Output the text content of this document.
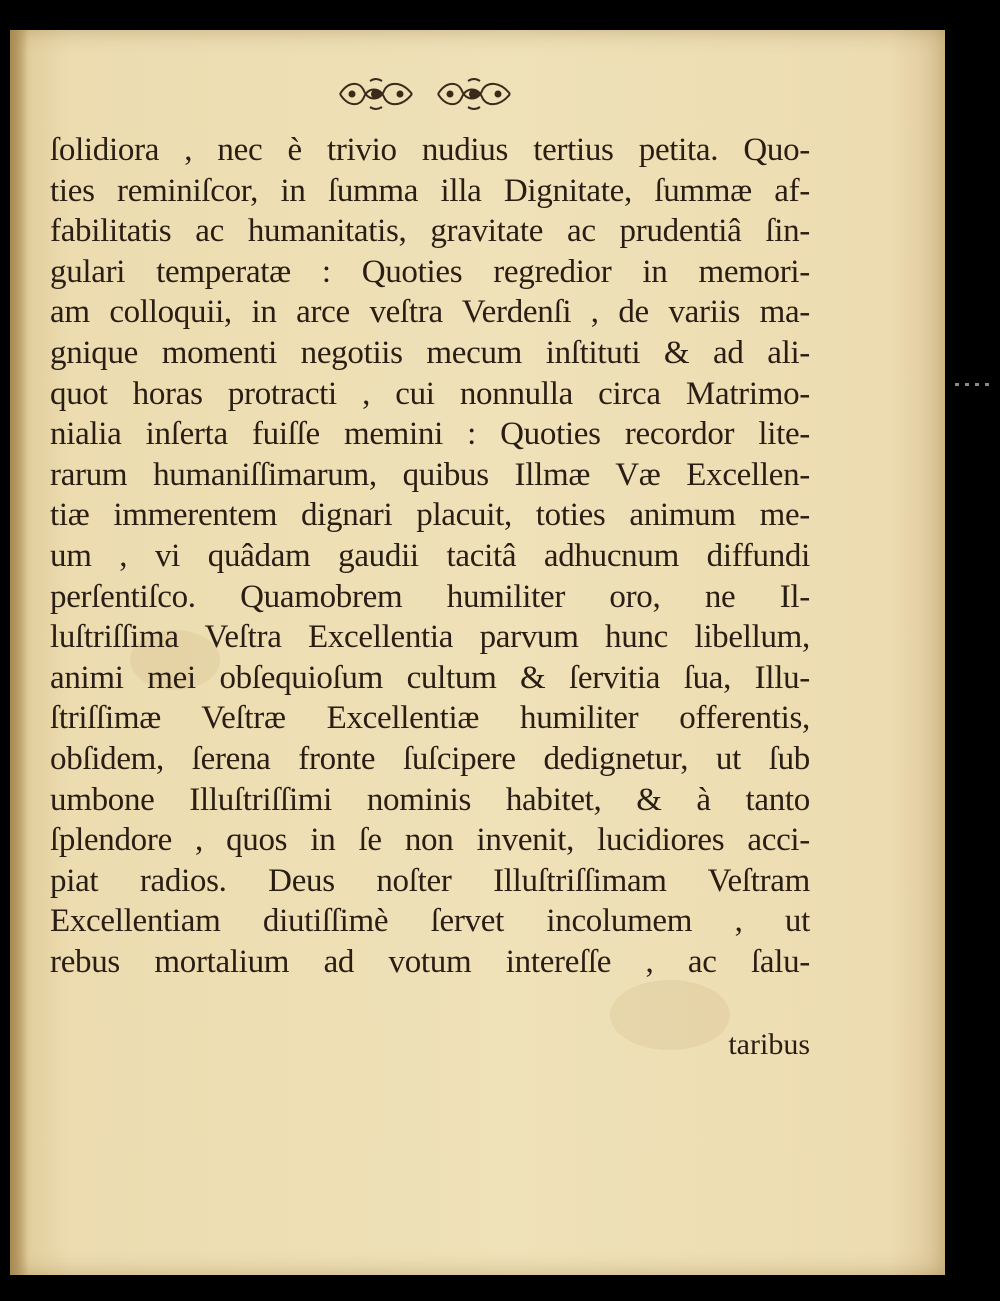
ſolidiora , nec è trivio nudius tertius petita. Quo-
ties reminiſcor, in ſumma illa Dignitate, ſummæ af-
fabilitatis ac humanitatis, gravitate ac prudentiâ ſin-
gulari temperatæ : Quoties regredior in memori-
am colloquii, in arce veſtra Verdenſi , de variis ma-
gnique momenti negotiis mecum inſtituti & ad ali-
quot horas protracti , cui nonnulla circa Matrimo-
nialia inſerta fuiſſe memini : Quoties recordor lite-
rarum humaniſſimarum, quibus Illmæ Væ Excellen-
tiæ immerentem dignari placuit, toties animum me-
um , vi quâdam gaudii tacitâ adhucnum diffundi
perſentiſco. Quamobrem humiliter oro, ne Il-
luſtriſſima Veſtra Excellentia parvum hunc libellum,
animi mei obſequioſum cultum & ſervitia ſua, Illu-
ſtriſſimæ Veſtræ Excellentiæ humiliter offerentis,
obſidem, ſerena fronte ſuſcipere dedignetur, ut ſub
umbone Illuſtriſſimi nominis habitet, & à tanto
ſplendore , quos in ſe non invenit, lucidiores acci-
piat radios. Deus noſter Illuſtriſſimam Veſtram
Excellentiam diutiſſimè ſervet incolumem , ut
rebus mortalium ad votum intereſſe , ac ſalu-
taribus
